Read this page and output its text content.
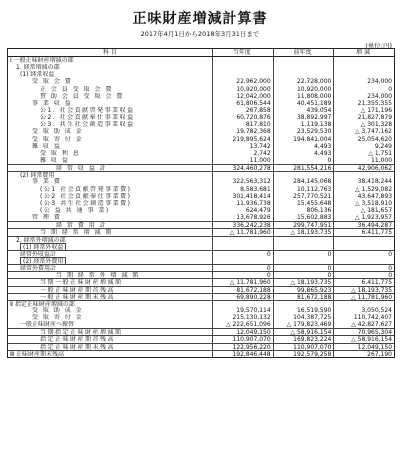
正味財産増減計算書
2017年4月1日から2018年3月31日まで
(単位:円)
科 目	当年度	前年度	増 減
Ⅰ 一般正味財産増減の部
1. 経常増減の部
(1) 経常収益
受 取 会 費	22,962,000	22,728,000	234,000
正 会 員 受 取 会 費	10,920,000	10,920,000	0
賛 助 会 員 受 取 会 費	12,042,000	11,808,000	234,000
事 業 収 益	61,806,544	40,451,189	21,355,355
公1. 社会貢献啓発事業収益	267,858	439,054	△ 171,196
公2. 社会貢献奉仕事業収益	60,720,876	38,892,997	21,827,879
公3. 共生社会創造事業収益	817,810	1,119,138	△ 301,328
受 取 助 成 金	19,782,368	23,529,530	△ 3,747,162
受 取 寄 付 金	219,895,624	194,841,004	25,054,620
雑 収 益	13,742	4,493	9,249
受 取 利 息	2,742	4,493	△ 1,751
雑 収 益	11,000	0	11,000
経 常 収 益 計	324,460,278	281,554,216	42,906,062
(2) 経常費用
事 業 費	322,563,312	284,145,068	38,418,244
(公1 社会貢献啓発事業費)	8,583,681	10,112,763	△ 1,529,082
(公2 社会貢献奉仕事業費)	301,418,414	257,770,521	43,647,893
(公3 共生社会創造事業費)	11,936,738	15,455,648	△ 3,518,910
(公 益 共 通 事 業)	624,479	806,136	△ 181,657
管 理 費	13,678,926	15,602,883	△ 1,923,957
経 常 費 用 計	336,242,238	299,747,951	36,494,287
当 期 経 常 増 減 額	△ 11,781,960	△ 18,193,735	6,411,775
2. 経常外増減の部
(1) 経常外収益
経常外収益計	0	0	0
(2) 経常外費用
経常外費用計	0	0	0
当 期 経 常 外 増 減 額	0	0	0
当期一般正味財産増減額	△ 11,781,960	△ 18,193,735	6,411,775
一般正味財産期首残高	81,672,188	99,865,923	△ 18,193,735
一般正味財産期末残高	69,890,228	81,672,188	△ 11,781,960
Ⅱ 指定正味財産増減の部
受 取 助 成 金	19,570,114	16,519,590	3,050,524
受 取 寄 付 金	215,130,132	104,387,725	110,742,407
一般正味財産へ振替	△ 222,651,096	△ 179,823,469	△ 42,827,627
当期指定正味財産増減額	12,049,150	△ 58,916,154	70,965,304
指定正味財産期首残高	110,907,070	169,823,224	△ 58,916,154
指定正味財産期末残高	122,956,220	110,907,070	12,049,150
Ⅲ 正味財産期末残高	192,846,448	192,579,258	267,190
